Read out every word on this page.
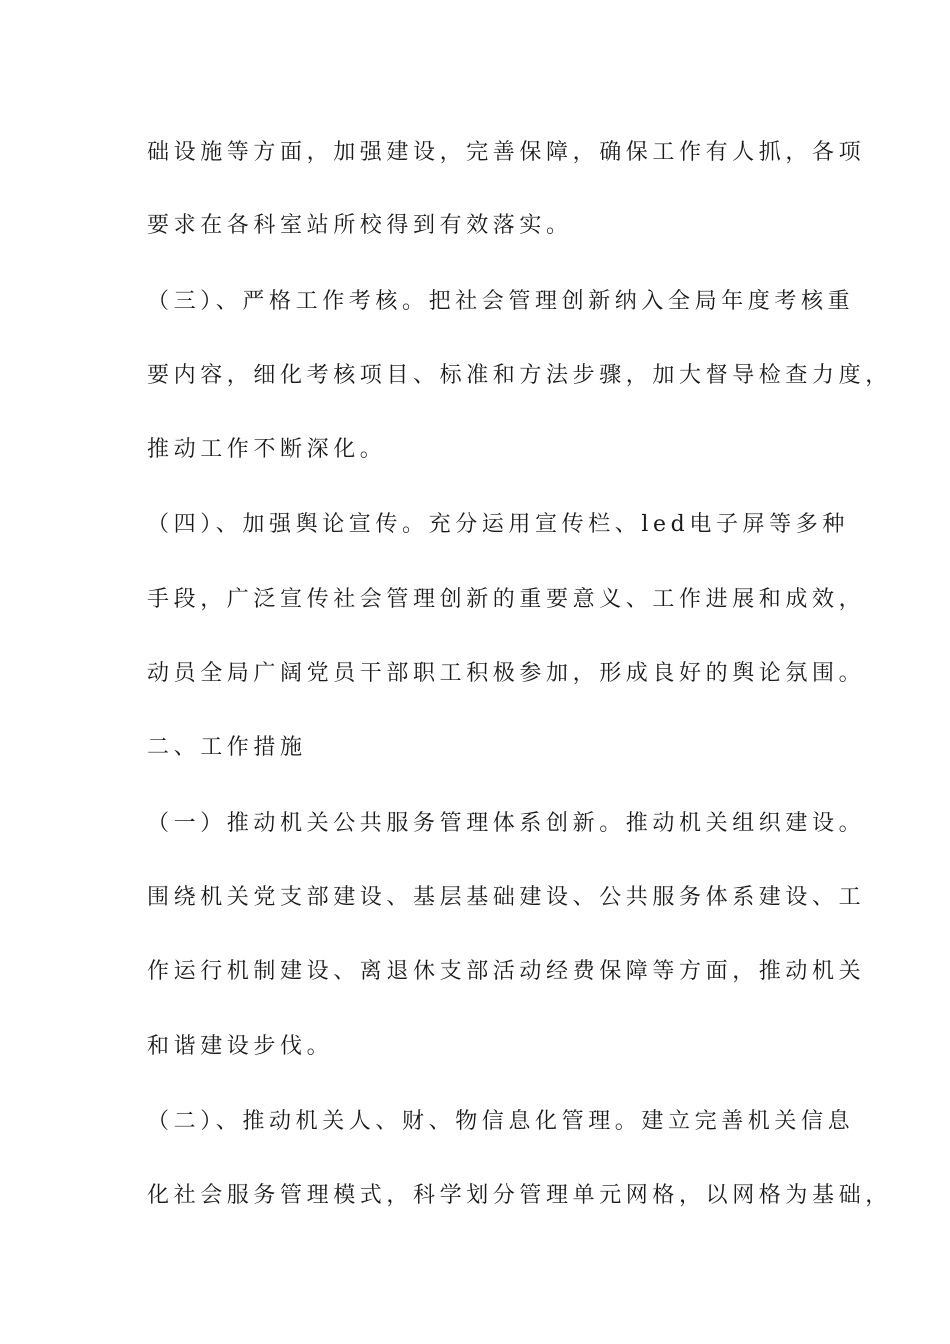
础设施等方面，加强建设，完善保障，确保工作有人抓，各项

要求在各科室站所校得到有效落实。

（三）、严格工作考核。把社会管理创新纳入全局年度考核重

要内容，细化考核项目、标准和方法步骤，加大督导检查力度，

推动工作不断深化。

（四）、加强舆论宣传。充分运用宣传栏、led电子屏等多种

手段，广泛宣传社会管理创新的重要意义、工作进展和成效，

动员全局广阔党员干部职工积极参加，形成良好的舆论氛围。

二、工作措施

（一）推动机关公共服务管理体系创新。推动机关组织建设。

围绕机关党支部建设、基层基础建设、公共服务体系建设、工

作运行机制建设、离退休支部活动经费保障等方面，推动机关

和谐建设步伐。

（二）、推动机关人、财、物信息化管理。建立完善机关信息

化社会服务管理模式，科学划分管理单元网格，以网格为基础，
